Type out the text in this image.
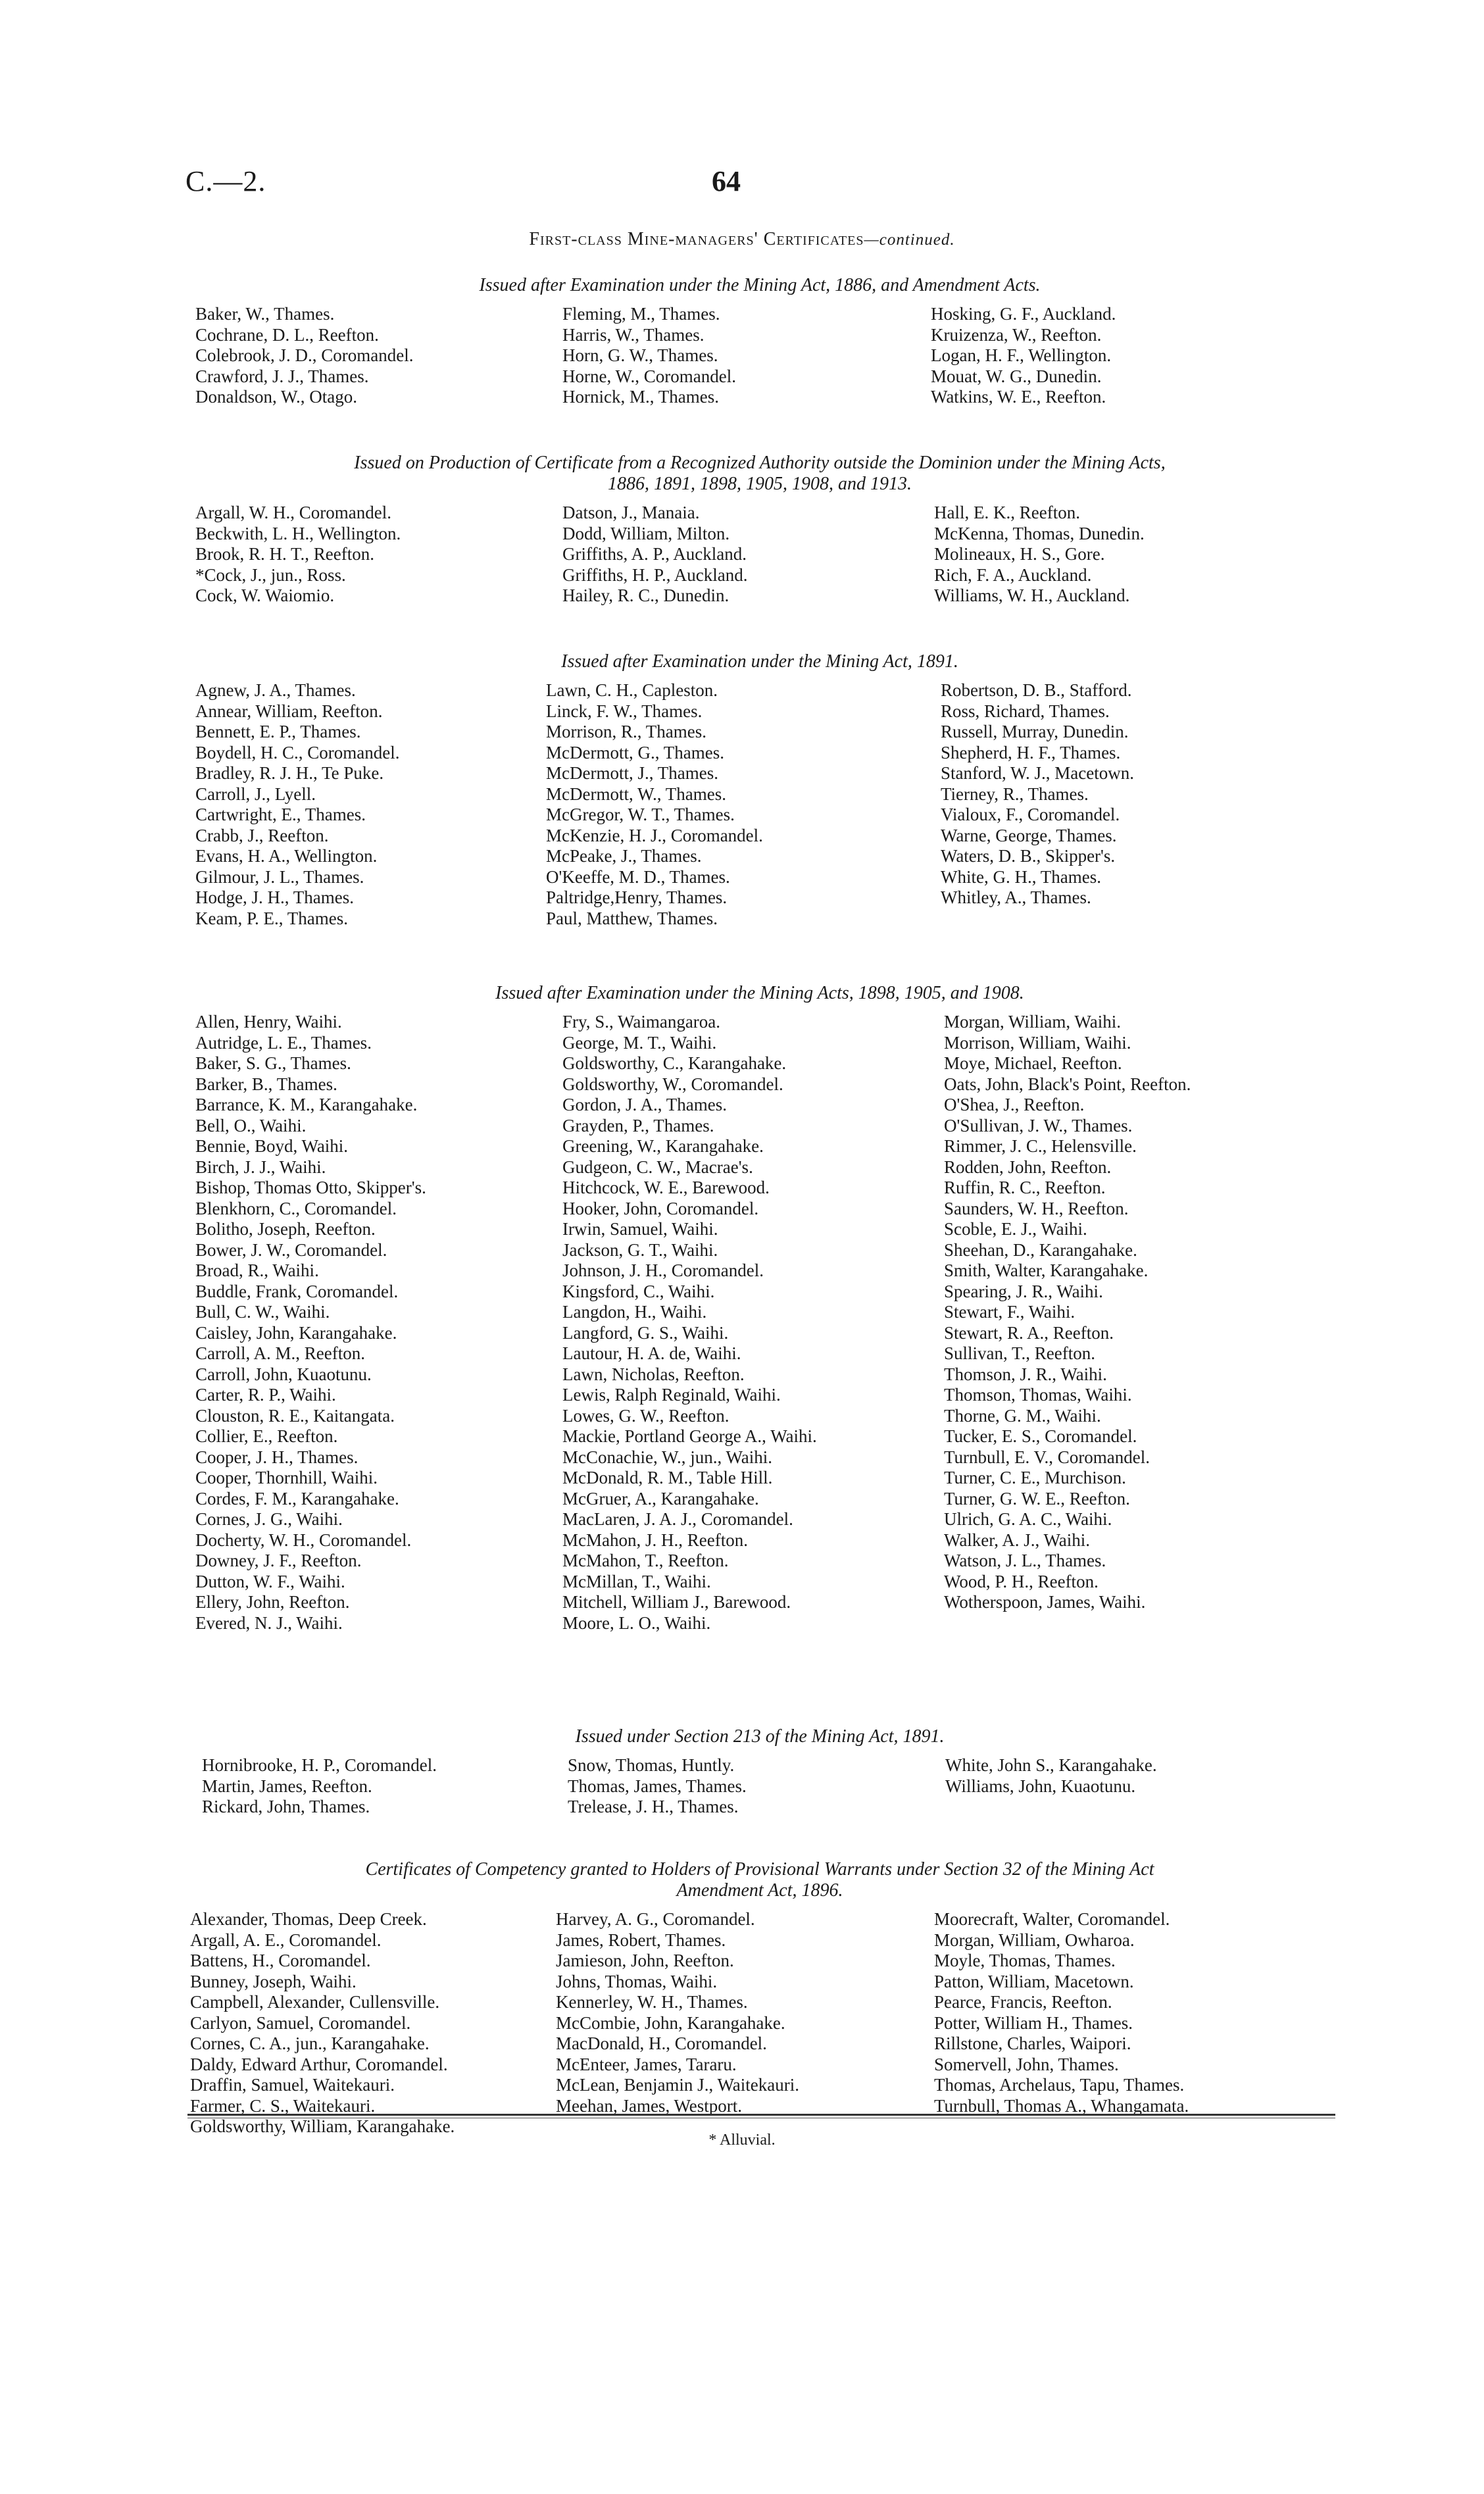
C.—2.	64
First-class Mine-managers' Certificates—continued.
Issued after Examination under the Mining Act, 1886, and Amendment Acts.
Baker, W., Thames.
Cochrane, D. L., Reefton.
Colebrook, J. D., Coromandel.
Crawford, J. J., Thames.
Donaldson, W., Otago.
Fleming, M., Thames.
Harris, W., Thames.
Horn, G. W., Thames.
Horne, W., Coromandel.
Hornick, M., Thames.
Hosking, G. F., Auckland.
Kruizenza, W., Reefton.
Logan, H. F., Wellington.
Mouat, W. G., Dunedin.
Watkins, W. E., Reefton.
Issued on Production of Certificate from a Recognized Authority outside the Dominion under the Mining Acts,
1886, 1891, 1898, 1905, 1908, and 1913.
Argall, W. H., Coromandel.
Beckwith, L. H., Wellington.
Brook, R. H. T., Reefton.
*Cock, J., jun., Ross.
Cock, W. Waiomio.
Datson, J., Manaia.
Dodd, William, Milton.
Griffiths, A. P., Auckland.
Griffiths, H. P., Auckland.
Hailey, R. C., Dunedin.
Hall, E. K., Reefton.
McKenna, Thomas, Dunedin.
Molineaux, H. S., Gore.
Rich, F. A., Auckland.
Williams, W. H., Auckland.
Issued after Examination under the Mining Act, 1891.
Agnew, J. A., Thames.
Annear, William, Reefton.
Bennett, E. P., Thames.
Boydell, H. C., Coromandel.
Bradley, R. J. H., Te Puke.
Carroll, J., Lyell.
Cartwright, E., Thames.
Crabb, J., Reefton.
Evans, H. A., Wellington.
Gilmour, J. L., Thames.
Hodge, J. H., Thames.
Keam, P. E., Thames.
Lawn, C. H., Capleston.
Linck, F. W., Thames.
Morrison, R., Thames.
McDermott, G., Thames.
McDermott, J., Thames.
McDermott, W., Thames.
McGregor, W. T., Thames.
McKenzie, H. J., Coromandel.
McPeake, J., Thames.
O'Keeffe, M. D., Thames.
Paltridge,Henry, Thames.
Paul, Matthew, Thames.
Robertson, D. B., Stafford.
Ross, Richard, Thames.
Russell, Murray, Dunedin.
Shepherd, H. F., Thames.
Stanford, W. J., Macetown.
Tierney, R., Thames.
Vialoux, F., Coromandel.
Warne, George, Thames.
Waters, D. B., Skipper's.
White, G. H., Thames.
Whitley, A., Thames.
Issued after Examination under the Mining Acts, 1898, 1905, and 1908.
Allen, Henry, Waihi.
Autridge, L. E., Thames.
Baker, S. G., Thames.
Barker, B., Thames.
Barrance, K. M., Karangahake.
Bell, O., Waihi.
Bennie, Boyd, Waihi.
Birch, J. J., Waihi.
Bishop, Thomas Otto, Skipper's.
Blenkhorn, C., Coromandel.
Bolitho, Joseph, Reefton.
Bower, J. W., Coromandel.
Broad, R., Waihi.
Buddle, Frank, Coromandel.
Bull, C. W., Waihi.
Caisley, John, Karangahake.
Carroll, A. M., Reefton.
Carroll, John, Kuaotunu.
Carter, R. P., Waihi.
Clouston, R. E., Kaitangata.
Collier, E., Reefton.
Cooper, J. H., Thames.
Cooper, Thornhill, Waihi.
Cordes, F. M., Karangahake.
Cornes, J. G., Waihi.
Docherty, W. H., Coromandel.
Downey, J. F., Reefton.
Dutton, W. F., Waihi.
Ellery, John, Reefton.
Evered, N. J., Waihi.
Fry, S., Waimangaroa.
George, M. T., Waihi.
Goldsworthy, C., Karangahake.
Goldsworthy, W., Coromandel.
Gordon, J. A., Thames.
Grayden, P., Thames.
Greening, W., Karangahake.
Gudgeon, C. W., Macrae's.
Hitchcock, W. E., Barewood.
Hooker, John, Coromandel.
Irwin, Samuel, Waihi.
Jackson, G. T., Waihi.
Johnson, J. H., Coromandel.
Kingsford, C., Waihi.
Langdon, H., Waihi.
Langford, G. S., Waihi.
Lautour, H. A. de, Waihi.
Lawn, Nicholas, Reefton.
Lewis, Ralph Reginald, Waihi.
Lowes, G. W., Reefton.
Mackie, Portland George A., Waihi.
McConachie, W., jun., Waihi.
McDonald, R. M., Table Hill.
McGruer, A., Karangahake.
MacLaren, J. A. J., Coromandel.
McMahon, J. H., Reefton.
McMahon, T., Reefton.
McMillan, T., Waihi.
Mitchell, William J., Barewood.
Moore, L. O., Waihi.
Morgan, William, Waihi.
Morrison, William, Waihi.
Moye, Michael, Reefton.
Oats, John, Black's Point, Reefton.
O'Shea, J., Reefton.
O'Sullivan, J. W., Thames.
Rimmer, J. C., Helensville.
Rodden, John, Reefton.
Ruffin, R. C., Reefton.
Saunders, W. H., Reefton.
Scoble, E. J., Waihi.
Sheehan, D., Karangahake.
Smith, Walter, Karangahake.
Spearing, J. R., Waihi.
Stewart, F., Waihi.
Stewart, R. A., Reefton.
Sullivan, T., Reefton.
Thomson, J. R., Waihi.
Thomson, Thomas, Waihi.
Thorne, G. M., Waihi.
Tucker, E. S., Coromandel.
Turnbull, E. V., Coromandel.
Turner, C. E., Murchison.
Turner, G. W. E., Reefton.
Ulrich, G. A. C., Waihi.
Walker, A. J., Waihi.
Watson, J. L., Thames.
Wood, P. H., Reefton.
Wotherspoon, James, Waihi.
Issued under Section 213 of the Mining Act, 1891.
Hornibrooke, H. P., Coromandel.
Martin, James, Reefton.
Rickard, John, Thames.
Snow, Thomas, Huntly.
Thomas, James, Thames.
Trelease, J. H., Thames.
White, John S., Karangahake.
Williams, John, Kuaotunu.
Certificates of Competency granted to Holders of Provisional Warrants under Section 32 of the Mining Act
Amendment Act, 1896.
Alexander, Thomas, Deep Creek.
Argall, A. E., Coromandel.
Battens, H., Coromandel.
Bunney, Joseph, Waihi.
Campbell, Alexander, Cullensville.
Carlyon, Samuel, Coromandel.
Cornes, C. A., jun., Karangahake.
Daldy, Edward Arthur, Coromandel.
Draffin, Samuel, Waitekauri.
Farmer, C. S., Waitekauri.
Goldsworthy, William, Karangahake.
Harvey, A. G., Coromandel.
James, Robert, Thames.
Jamieson, John, Reefton.
Johns, Thomas, Waihi.
Kennerley, W. H., Thames.
McCombie, John, Karangahake.
MacDonald, H., Coromandel.
McEnteer, James, Tararu.
McLean, Benjamin J., Waitekauri.
Meehan, James, Westport.
Moorecraft, Walter, Coromandel.
Morgan, William, Owharoa.
Moyle, Thomas, Thames.
Patton, William, Macetown.
Pearce, Francis, Reefton.
Potter, William H., Thames.
Rillstone, Charles, Waipori.
Somervell, John, Thames.
Thomas, Archelaus, Tapu, Thames.
Turnbull, Thomas A., Whangamata.
* Alluvial.
